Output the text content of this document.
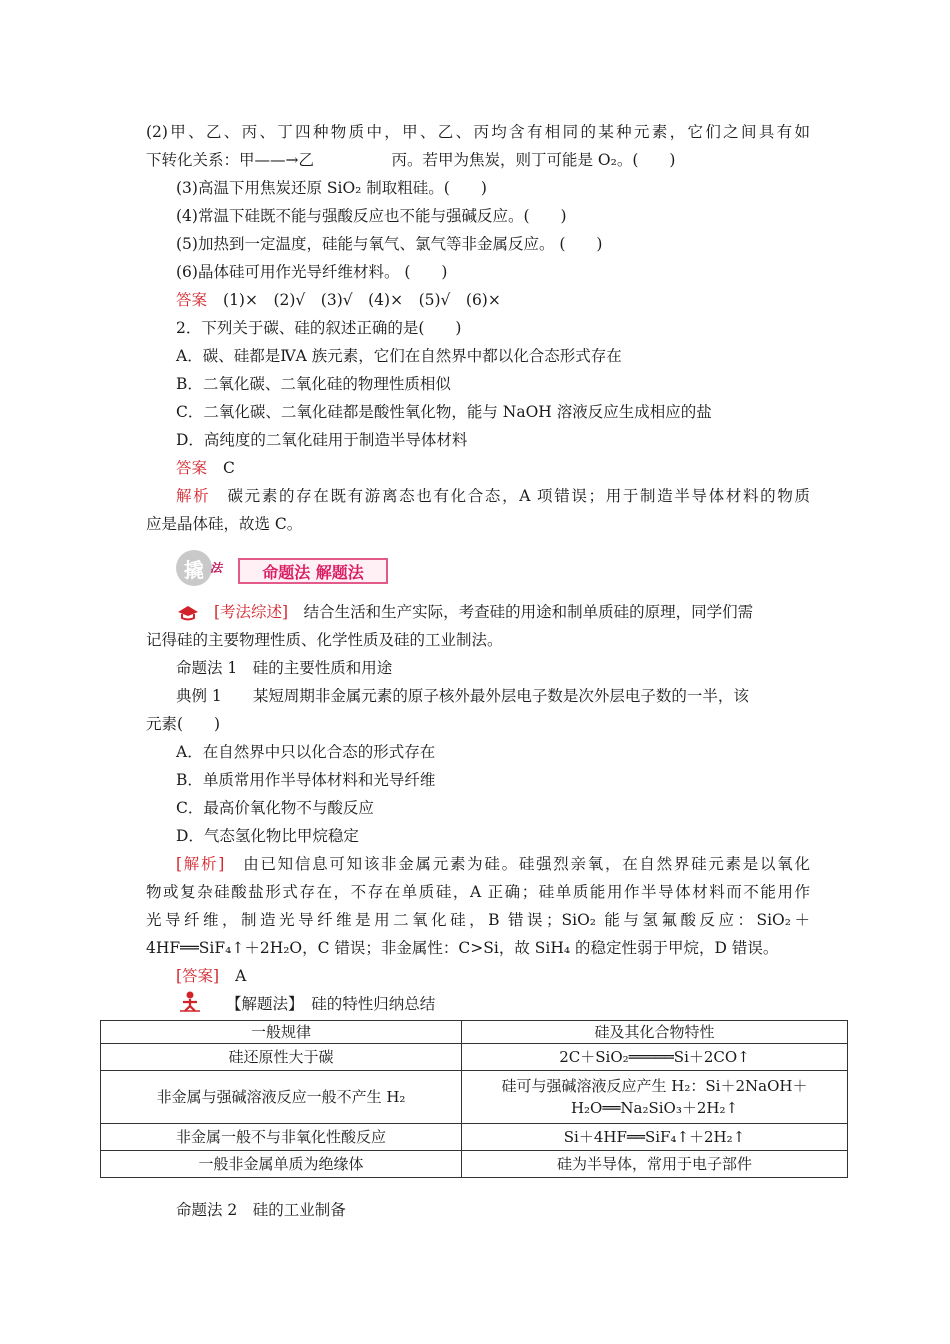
(2)甲、乙、丙、丁四种物质中，甲、乙、丙均含有相同的某种元素，它们之间具有如
下转化关系：甲——→乙　　　　　丙。若甲为焦炭，则丁可能是 O₂。(　　)
(3)高温下用焦炭还原 SiO₂ 制取粗硅。(　　)
(4)常温下硅既不能与强酸反应也不能与强碱反应。(　　)
(5)加热到一定温度，硅能与氧气、氯气等非金属反应。 (　　)
(6)晶体硅可用作光导纤维材料。 (　　)
答案 (1)×　(2)√　(3)√　(4)×　(5)√　(6)×
2．下列关于碳、硅的叙述正确的是(　　)
A．碳、硅都是ⅣA 族元素，它们在自然界中都以化合态形式存在
B．二氧化碳、二氧化硅的物理性质相似
C．二氧化碳、二氧化硅都是酸性氧化物，能与 NaOH 溶液反应生成相应的盐
D．高纯度的二氧化硅用于制造半导体材料
答案 C
解析　 碳元素的存在既有游离态也有化合态，A 项错误；用于制造半导体材料的物质
应是晶体硅，故选 C。
撬 法	命题法 解题法
[考法综述]　 结合生活和生产实际，考查硅的用途和制单质硅的原理，同学们需
记得硅的主要物理性质、化学性质及硅的工业制法。
命题法 1　硅的主要性质和用途
典例 1　　 某短周期非金属元素的原子核外最外层电子数是次外层电子数的一半，该
元素(　　)
A．在自然界中只以化合态的形式存在
B．单质常用作半导体材料和光导纤维
C．最高价氧化物不与酸反应
D．气态氢化物比甲烷稳定
[解析]　 由已知信息可知该非金属元素为硅。硅强烈亲氧，在自然界硅元素是以氧化
物或复杂硅酸盐形式存在，不存在单质硅，A 正确；硅单质能用作半导体材料而不能用作
光导纤维，制造光导纤维是用二氧化硅，B 错误；SiO₂ 能与氢氟酸反应：SiO₂＋
4HF══SiF₄↑＋2H₂O，C 错误；非金属性：C>Si，故 SiH₄ 的稳定性弱于甲烷，D 错误。
[答案] A
【解题法】　硅的特性归纳总结
一般规律	硅及其化合物特性
硅还原性大于碳	2C＋SiO₂═════Si＋2CO↑
非金属与强碱溶液反应一般不产生 H₂	硅可与强碱溶液反应产生 H₂：Si＋2NaOH＋
H₂O══Na₂SiO₃＋2H₂↑

非金属一般不与非氧化性酸反应	Si＋4HF══SiF₄↑＋2H₂↑
一般非金属单质为绝缘体	硅为半导体，常用于电子部件
命题法 2　硅的工业制备
